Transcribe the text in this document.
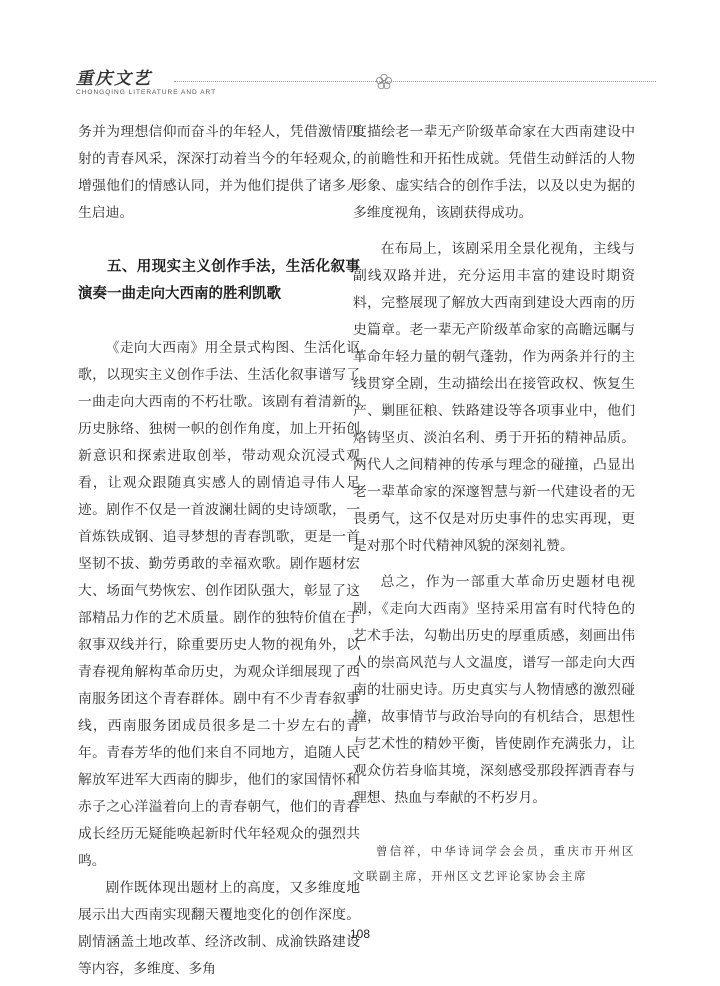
重庆文艺
CHONGQING LITERATURE AND ART

务并为理想信仰而奋斗的年轻人，凭借激情四射的青春风采，深深打动着当今的年轻观众，增强他们的情感认同，并为他们提供了诸多人生启迪。

五、用现实主义创作手法，生活化叙事演奏一曲走向大西南的胜利凯歌

《走向大西南》用全景式构图、生活化讴歌，以现实主义创作手法、生活化叙事谱写了一曲走向大西南的不朽壮歌。该剧有着清新的历史脉络、独树一帜的创作角度，加上开拓创新意识和探索进取创举，带动观众沉浸式观看，让观众跟随真实感人的剧情追寻伟人足迹。剧作不仅是一首波澜壮阔的史诗颂歌，一首炼铁成钢、追寻梦想的青春凯歌，更是一首坚韧不拔、勤劳勇敢的幸福欢歌。剧作题材宏大、场面气势恢宏、创作团队强大，彰显了这部精品力作的艺术质量。剧作的独特价值在于叙事双线并行，除重要历史人物的视角外，以青春视角解构革命历史，为观众详细展现了西南服务团这个青春群体。剧中有不少青春叙事线，西南服务团成员很多是二十岁左右的青年。青春芳华的他们来自不同地方，追随人民解放军进军大西南的脚步，他们的家国情怀和赤子之心洋溢着向上的青春朝气，他们的青春成长经历无疑能唤起新时代年轻观众的强烈共鸣。

剧作既体现出题材上的高度，又多维度地展示出大西南实现翻天覆地变化的创作深度。剧情涵盖土地改革、经济改制、成渝铁路建设等内容，多维度、多角

度描绘老一辈无产阶级革命家在大西南建设中的前瞻性和开拓性成就。凭借生动鲜活的人物形象、虚实结合的创作手法，以及以史为据的多维度视角，该剧获得成功。

在布局上，该剧采用全景化视角，主线与副线双路并进，充分运用丰富的建设时期资料，完整展现了解放大西南到建设大西南的历史篇章。老一辈无产阶级革命家的高瞻远瞩与革命年轻力量的朝气蓬勃，作为两条并行的主线贯穿全剧，生动描绘出在接管政权、恢复生产、剿匪征粮、铁路建设等各项事业中，他们烙铸坚贞、淡泊名利、勇于开拓的精神品质。两代人之间精神的传承与理念的碰撞，凸显出老一辈革命家的深邃智慧与新一代建设者的无畏勇气，这不仅是对历史事件的忠实再现，更是对那个时代精神风貌的深刻礼赞。

总之，作为一部重大革命历史题材电视剧，《走向大西南》坚持采用富有时代特色的艺术手法，勾勒出历史的厚重质感，刻画出伟人的崇高风范与人文温度，谱写一部走向大西南的壮丽史诗。历史真实与人物情感的激烈碰撞，故事情节与政治导向的有机结合，思想性与艺术性的精妙平衡，皆使剧作充满张力，让观众仿若身临其境，深刻感受那段挥洒青春与理想、热血与奉献的不朽岁月。

曾信祥，中华诗词学会会员，重庆市开州区文联副主席，开州区文艺评论家协会主席
108
